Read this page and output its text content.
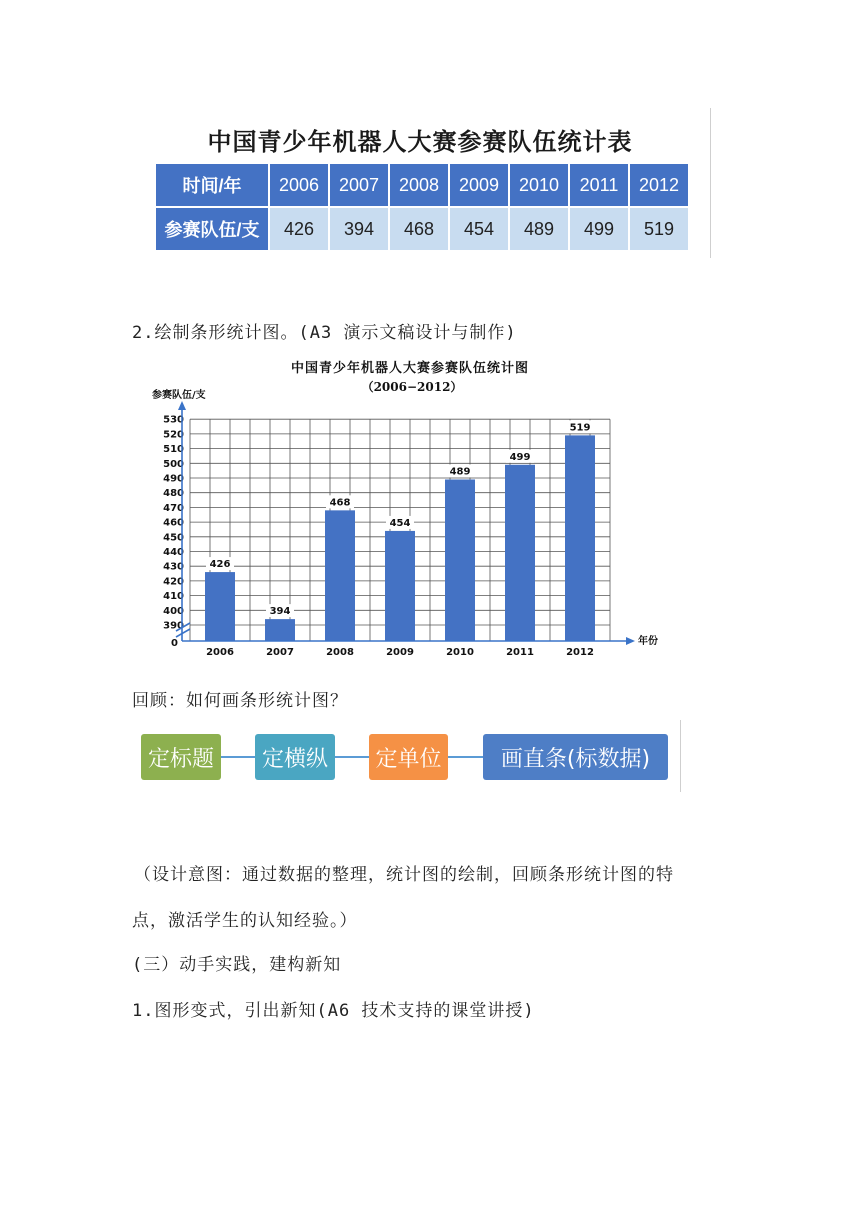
中国青少年机器人大赛参赛队伍统计表
时间/年	2006	2007	2008	2009	2010	2011	2012
参赛队伍/支	426	394	468	454	489	499	519
2.绘制条形统计图。(A3 演示文稿设计与制作)
中国青少年机器人大赛参赛队伍统计图
（2006−2012）
参赛队伍/支
年份
426
394
468
454
489
499
519
390
400
410
420
430
440
450
460
470
480
490
500
510
520
530
0
2006	2007	2008	2009	2010	2011	2012
回顾：如何画条形统计图？
定标题 定横纵 定单位	画直条(标数据)
（设计意图：通过数据的整理，统计图的绘制，回顾条形统计图的特
点，激活学生的认知经验。）
(三）动手实践，建构新知
1.图形变式，引出新知(A6 技术支持的课堂讲授)
